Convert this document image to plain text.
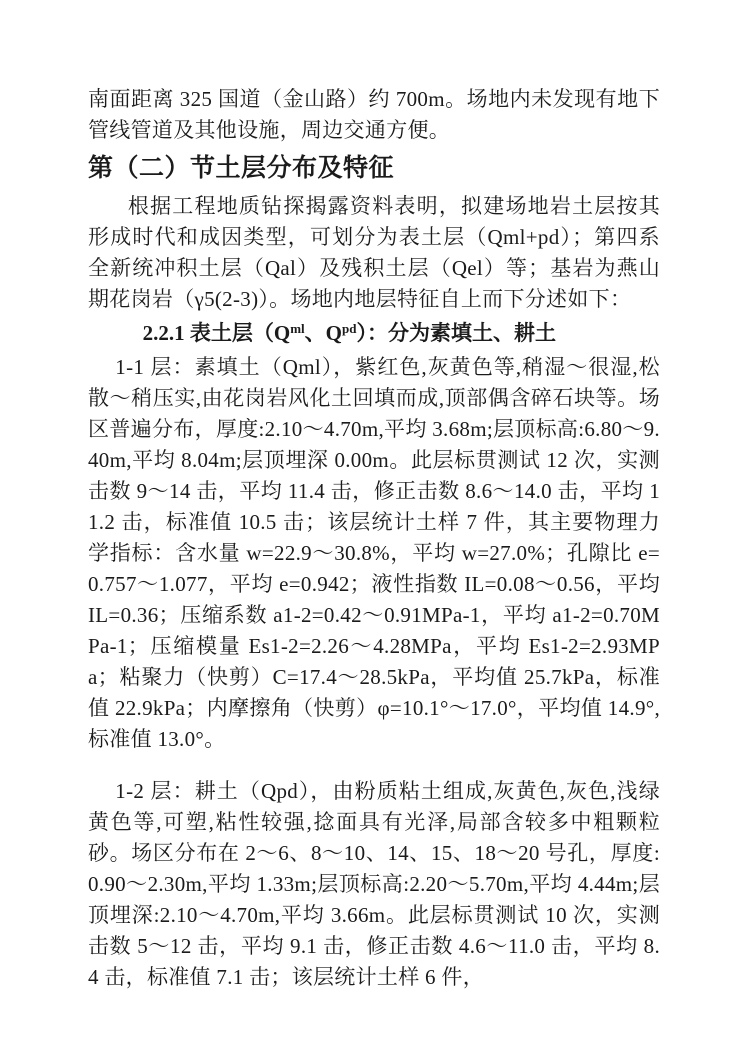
南面距离 325 国道（金山路）约 700m。场地内未发现有地下管线管道及其他设施，周边交通方便。

第（二）节土层分布及特征

根据工程地质钻探揭露资料表明，拟建场地岩土层按其形成时代和成因类型，可划分为表土层（Qml+pd）；第四系全新统冲积土层（Qal）及残积土层（Qel）等；基岩为燕山期花岗岩（γ5(2-3)）。场地内地层特征自上而下分述如下：

2.2.1 表土层（$Q^{ml}$、$Q^{pd}$）：分为素填土、耕土

1-1 层：素填土（Qml），紫红色,灰黄色等,稍湿～很湿,松散～稍压实,由花岗岩风化土回填而成,顶部偶含碎石块等。场区普遍分布，厚度:2.10～4.70m,平均 3.68m;层顶标高:6.80～9.40m,平均 8.04m;层顶埋深 0.00m。此层标贯测试 12 次，实测击数 9～14 击，平均 11.4 击，修正击数 8.6～14.0 击，平均 11.2 击，标准值 10.5 击；该层统计土样 7 件，其主要物理力学指标：含水量 w=22.9～30.8%，平均 w=27.0%；孔隙比 e=0.757～1.077，平均 e=0.942；液性指数 IL=0.08～0.56，平均 IL=0.36；压缩系数 a1-2=0.42～0.91MPa-1，平均 a1-2=0.70MPa-1；压缩模量 Es1-2=2.26～4.28MPa，平均 Es1-2=2.93MPa；粘聚力（快剪）C=17.4～28.5kPa，平均值 25.7kPa，标准值 22.9kPa；内摩擦角（快剪）φ=10.1°～17.0°，平均值 14.9°,标准值 13.0°。

1-2 层：耕土（Qpd），由粉质粘土组成,灰黄色,灰色,浅绿黄色等,可塑,粘性较强,捻面具有光泽,局部含较多中粗颗粒砂。场区分布在 2～6、8～10、14、15、18～20 号孔，厚度:0.90～2.30m,平均 1.33m;层顶标高:2.20～5.70m,平均 4.44m;层顶埋深:2.10～4.70m,平均 3.66m。此层标贯测试 10 次，实测击数 5～12 击，平均 9.1 击，修正击数 4.6～11.0 击，平均 8.4 击，标准值 7.1 击；该层统计土样 6 件，
